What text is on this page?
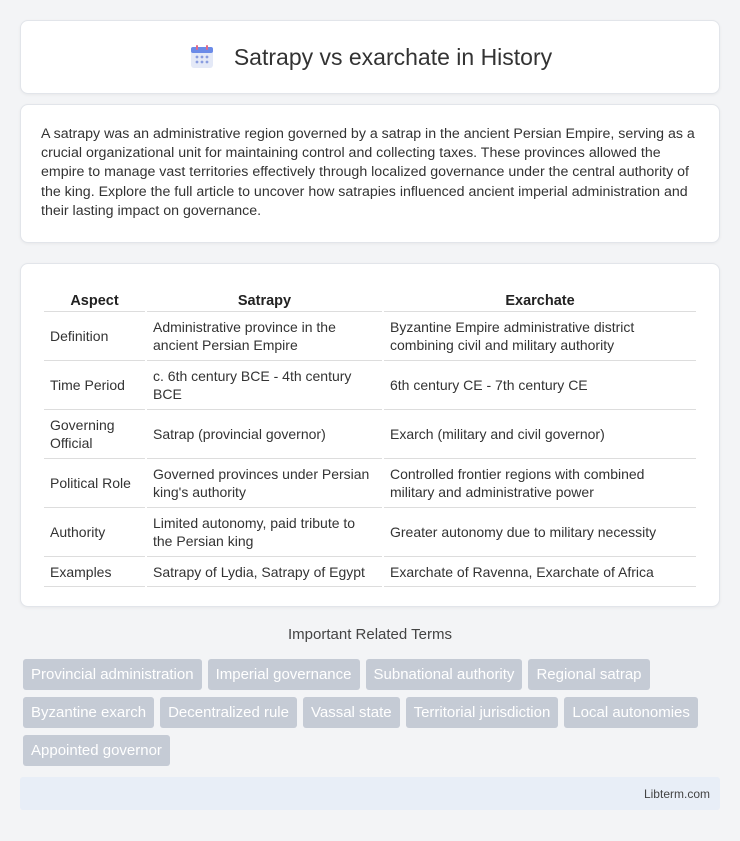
Satrapy vs exarchate in History

A satrapy was an administrative region governed by a satrap in the ancient Persian Empire, serving as a crucial organizational unit for maintaining control and collecting taxes. These provinces allowed the empire to manage vast territories effectively through localized governance under the central authority of the king. Explore the full article to uncover how satrapies influenced ancient imperial administration and their lasting impact on governance.

Aspect	Satrapy	Exarchate
Definition	Administrative province in the ancient Persian Empire	Byzantine Empire administrative district combining civil and military authority
Time Period	c. 6th century BCE - 4th century BCE	6th century CE - 7th century CE
Governing Official	Satrap (provincial governor)	Exarch (military and civil governor)
Political Role	Governed provinces under Persian king's authority	Controlled frontier regions with combined military and administrative power
Authority	Limited autonomy, paid tribute to the Persian king	Greater autonomy due to military necessity
Examples	Satrapy of Lydia, Satrapy of Egypt	Exarchate of Ravenna, Exarchate of Africa
Important Related Terms
Provincial administration	Imperial governance	Subnational authority	Regional satrap
Byzantine exarch	Decentralized rule	Vassal state	Territorial jurisdiction	Local autonomies
Appointed governor
Libterm.com
